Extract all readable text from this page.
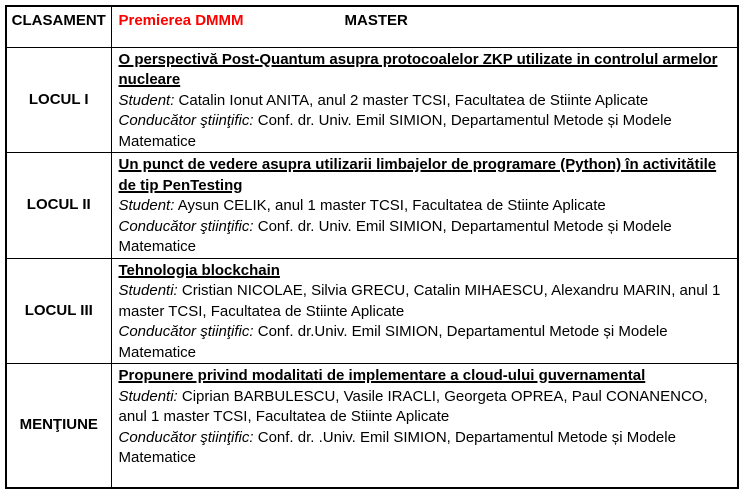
CLASAMENT	Premierea DMMM MASTER
LOCUL I	O perspectivă Post-Quantum asupra protocoalelor ZKP utilizate in controlul armelor nucleare
Student: Catalin Ionut ANITA, anul 2 master TCSI, Facultatea de Stiinte Aplicate
Conducător ştiinţific: Conf. dr. Univ. Emil SIMION, Departamentul Metode și Modele Matematice

LOCUL II	Un punct de vedere asupra utilizarii limbajelor de programare (Python) în activitătile de tip PenTesting
Student: Aysun CELIK, anul 1 master TCSI, Facultatea de Stiinte Aplicate
Conducător ştiinţific: Conf. dr. Univ. Emil SIMION, Departamentul Metode și Modele Matematice

LOCUL III	Tehnologia blockchain
Studenti: Cristian NICOLAE, Silvia GRECU, Catalin MIHAESCU, Alexandru MARIN, anul 1 master TCSI, Facultatea de Stiinte Aplicate
Conducător ştiinţific: Conf. dr.Univ. Emil SIMION, Departamentul Metode și Modele Matematice

MENŢIUNE	Propunere privind modalitati de implementare a cloud-ului guvernamental
Studenti: Ciprian BARBULESCU, Vasile IRACLI, Georgeta OPREA, Paul CONANENCO, anul 1 master TCSI, Facultatea de Stiinte Aplicate
Conducător ştiinţific: Conf. dr. .Univ. Emil SIMION, Departamentul Metode și Modele Matematice
